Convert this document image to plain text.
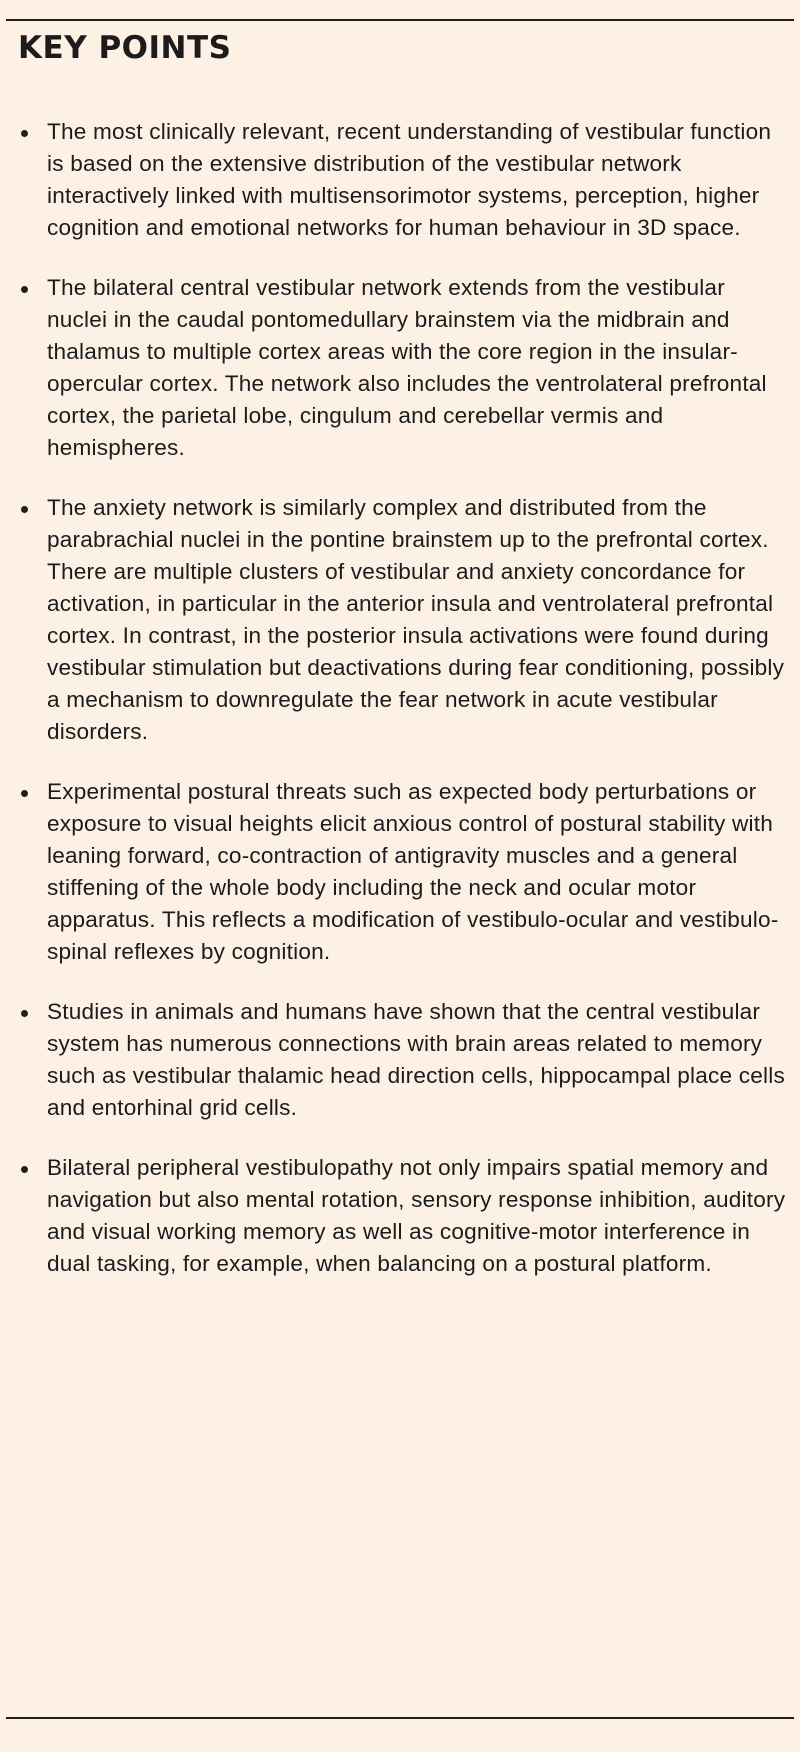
KEY POINTS
The most clinically relevant, recent understanding of vestibular function is based on the extensive distribution of the vestibular network interactively linked with multisensorimotor systems, perception, higher cognition and emotional networks for human behaviour in 3D space.
The bilateral central vestibular network extends from the vestibular nuclei in the caudal pontomedullary brainstem via the midbrain and thalamus to multiple cortex areas with the core region in the insular-opercular cortex. The network also includes the ventrolateral prefrontal cortex, the parietal lobe, cingulum and cerebellar vermis and hemispheres.
The anxiety network is similarly complex and distributed from the parabrachial nuclei in the pontine brainstem up to the prefrontal cortex. There are multiple clusters of vestibular and anxiety concordance for activation, in particular in the anterior insula and ventrolateral prefrontal cortex. In contrast, in the posterior insula activations were found during vestibular stimulation but deactivations during fear conditioning, possibly a mechanism to downregulate the fear network in acute vestibular disorders.
Experimental postural threats such as expected body perturbations or exposure to visual heights elicit anxious control of postural stability with leaning forward, co-contraction of antigravity muscles and a general stiffening of the whole body including the neck and ocular motor apparatus. This reflects a modification of vestibulo-ocular and vestibulo-spinal reflexes by cognition.
Studies in animals and humans have shown that the central vestibular system has numerous connections with brain areas related to memory such as vestibular thalamic head direction cells, hippocampal place cells and entorhinal grid cells.
Bilateral peripheral vestibulopathy not only impairs spatial memory and navigation but also mental rotation, sensory response inhibition, auditory and visual working memory as well as cognitive-motor interference in dual tasking, for example, when balancing on a postural platform.
